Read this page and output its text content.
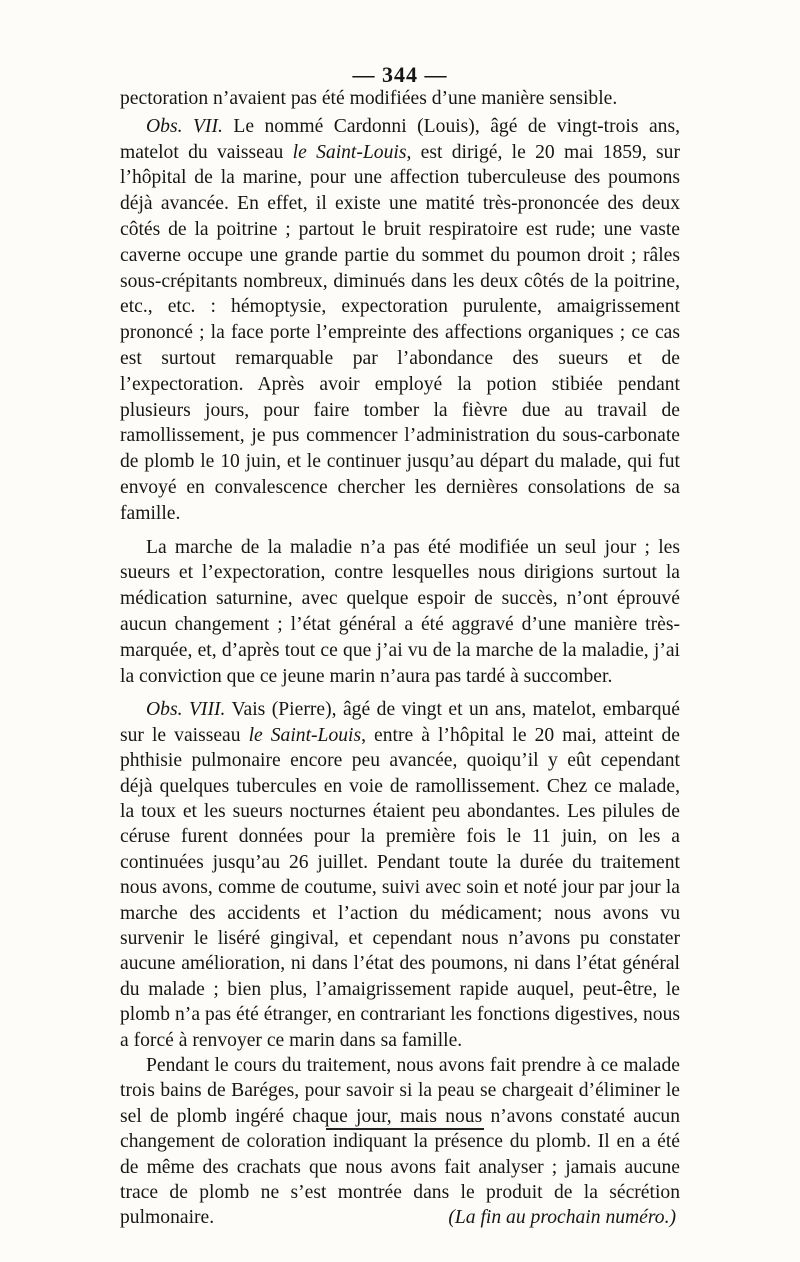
— 344 —

pectoration n’avaient pas été modifiées d’une manière sensible.

Obs. VII. Le nommé Cardonni (Louis), âgé de vingt-trois ans, matelot du vaisseau le Saint-Louis, est dirigé, le 20 mai 1859, sur l’hôpital de la marine, pour une affection tuberculeuse des poumons déjà avancée. En effet, il existe une matité très-prononcée des deux côtés de la poitrine ; partout le bruit respiratoire est rude; une vaste caverne occupe une grande partie du sommet du poumon droit ; râles sous-crépitants nombreux, diminués dans les deux côtés de la poitrine, etc., etc. : hémoptysie, expectoration purulente, amaigrissement prononcé ; la face porte l’empreinte des affections organiques ; ce cas est surtout remarquable par l’abondance des sueurs et de l’expectoration. Après avoir employé la potion stibiée pendant plusieurs jours, pour faire tomber la fièvre due au travail de ramollissement, je pus commencer l’administration du sous-carbonate de plomb le 10 juin, et le continuer jusqu’au départ du malade, qui fut envoyé en convalescence chercher les dernières consolations de sa famille.

La marche de la maladie n’a pas été modifiée un seul jour ; les sueurs et l’expectoration, contre lesquelles nous dirigions surtout la médication saturnine, avec quelque espoir de succès, n’ont éprouvé aucun changement ; l’état général a été aggravé d’une manière très-marquée, et, d’après tout ce que j’ai vu de la marche de la maladie, j’ai la conviction que ce jeune marin n’aura pas tardé à succomber.

Obs. VIII. Vais (Pierre), âgé de vingt et un ans, matelot, embarqué sur le vaisseau le Saint-Louis, entre à l’hôpital le 20 mai, atteint de phthisie pulmonaire encore peu avancée, quoiqu’il y eût cependant déjà quelques tubercules en voie de ramollissement. Chez ce malade, la toux et les sueurs nocturnes étaient peu abondantes. Les pilules de céruse furent données pour la première fois le 11 juin, on les a continuées jusqu’au 26 juillet. Pendant toute la durée du traitement nous avons, comme de coutume, suivi avec soin et noté jour par jour la marche des accidents et l’action du médicament; nous avons vu survenir le liséré gingival, et cependant nous n’avons pu constater aucune amélioration, ni dans l’état des poumons, ni dans l’état général du malade ; bien plus, l’amaigrissement rapide auquel, peut-être, le plomb n’a pas été étranger, en contrariant les fonctions digestives, nous a forcé à renvoyer ce marin dans sa famille.

Pendant le cours du traitement, nous avons fait prendre à ce malade trois bains de Baréges, pour savoir si la peau se chargeait d’éliminer le sel de plomb ingéré chaque jour, mais nous n’avons constaté aucun changement de coloration indiquant la présence du plomb. Il en a été de même des crachats que nous avons fait analyser ; jamais aucune trace de plomb ne s’est montrée dans le produit de la sécrétion pulmonaire.	(La fin au prochain numéro.)
